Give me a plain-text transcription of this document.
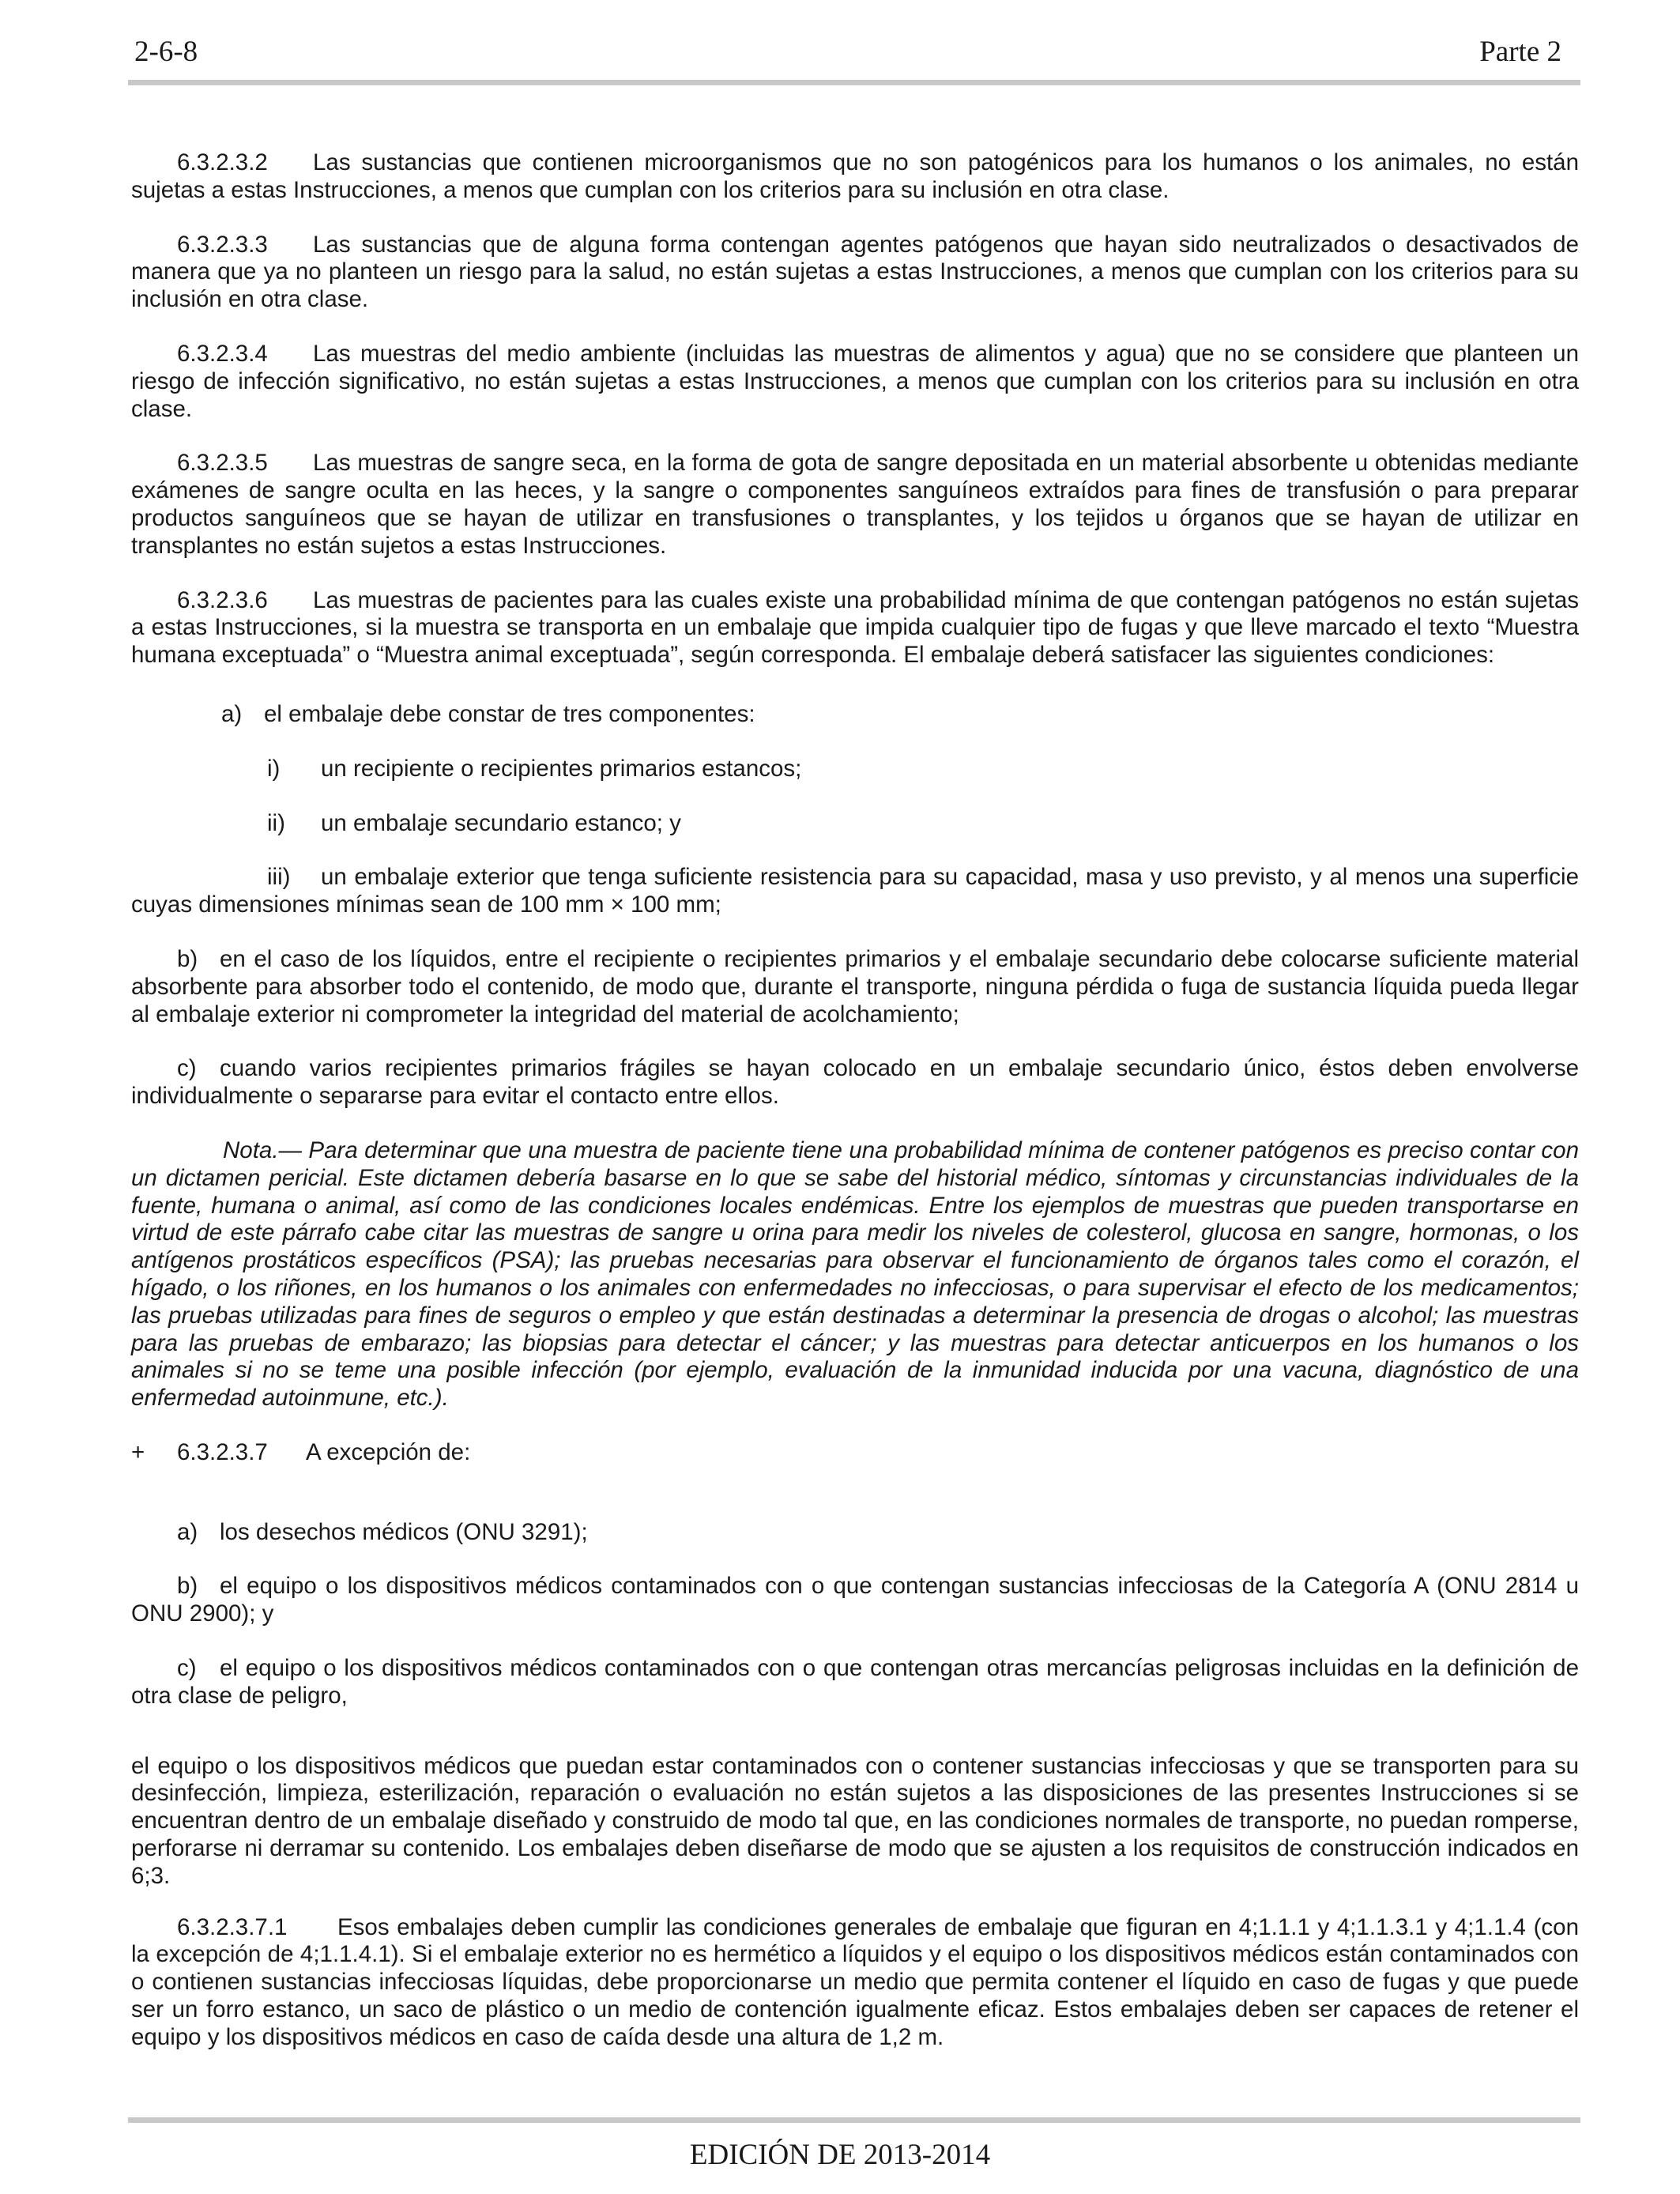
2-6-8	Parte 2

6.3.2.3.2 Las sustancias que contienen microorganismos que no son patogénicos para los humanos o los animales, no están sujetas a estas Instrucciones, a menos que cumplan con los criterios para su inclusión en otra clase.

6.3.2.3.3 Las sustancias que de alguna forma contengan agentes patógenos que hayan sido neutralizados o desactivados de manera que ya no planteen un riesgo para la salud, no están sujetas a estas Instrucciones, a menos que cumplan con los criterios para su inclusión en otra clase.

6.3.2.3.4 Las muestras del medio ambiente (incluidas las muestras de alimentos y agua) que no se considere que planteen un riesgo de infección significativo, no están sujetas a estas Instrucciones, a menos que cumplan con los criterios para su inclusión en otra clase.

6.3.2.3.5 Las muestras de sangre seca, en la forma de gota de sangre depositada en un material absorbente u obtenidas mediante exámenes de sangre oculta en las heces, y la sangre o componentes sanguíneos extraídos para fines de transfusión o para preparar productos sanguíneos que se hayan de utilizar en transfusiones o transplantes, y los tejidos u órganos que se hayan de utilizar en transplantes no están sujetos a estas Instrucciones.

6.3.2.3.6 Las muestras de pacientes para las cuales existe una probabilidad mínima de que contengan patógenos no están sujetas a estas Instrucciones, si la muestra se transporta en un embalaje que impida cualquier tipo de fugas y que lleve marcado el texto “Muestra humana exceptuada” o “Muestra animal exceptuada”, según corresponda. El embalaje deberá satisfacer las siguientes condiciones:

a) el embalaje debe constar de tres componentes:

i) un recipiente o recipientes primarios estancos;

ii) un embalaje secundario estanco; y

iii) un embalaje exterior que tenga suficiente resistencia para su capacidad, masa y uso previsto, y al menos una superficie cuyas dimensiones mínimas sean de 100 mm × 100 mm;

b) en el caso de los líquidos, entre el recipiente o recipientes primarios y el embalaje secundario debe colocarse suficiente material absorbente para absorber todo el contenido, de modo que, durante el transporte, ninguna pérdida o fuga de sustancia líquida pueda llegar al embalaje exterior ni comprometer la integridad del material de acolchamiento;

c) cuando varios recipientes primarios frágiles se hayan colocado en un embalaje secundario único, éstos deben envolverse individualmente o separarse para evitar el contacto entre ellos.

Nota.— Para determinar que una muestra de paciente tiene una probabilidad mínima de contener patógenos es preciso contar con un dictamen pericial. Este dictamen debería basarse en lo que se sabe del historial médico, síntomas y circunstancias individuales de la fuente, humana o animal, así como de las condiciones locales endémicas. Entre los ejemplos de muestras que pueden transportarse en virtud de este párrafo cabe citar las muestras de sangre u orina para medir los niveles de colesterol, glucosa en sangre, hormonas, o los antígenos prostáticos específicos (PSA); las pruebas necesarias para observar el funcionamiento de órganos tales como el corazón, el hígado, o los riñones, en los humanos o los animales con enfermedades no infecciosas, o para supervisar el efecto de los medicamentos; las pruebas utilizadas para fines de seguros o empleo y que están destinadas a determinar la presencia de drogas o alcohol; las muestras para las pruebas de embarazo; las biopsias para detectar el cáncer; y las muestras para detectar anticuerpos en los humanos o los animales si no se teme una posible infección (por ejemplo, evaluación de la inmunidad inducida por una vacuna, diagnóstico de una enfermedad autoinmune, etc.).

+ 6.3.2.3.7 A excepción de:

a) los desechos médicos (ONU 3291);

b) el equipo o los dispositivos médicos contaminados con o que contengan sustancias infecciosas de la Categoría A (ONU 2814 u ONU 2900); y

c) el equipo o los dispositivos médicos contaminados con o que contengan otras mercancías peligrosas incluidas en la definición de otra clase de peligro,

el equipo o los dispositivos médicos que puedan estar contaminados con o contener sustancias infecciosas y que se transporten para su desinfección, limpieza, esterilización, reparación o evaluación no están sujetos a las disposiciones de las presentes Instrucciones si se encuentran dentro de un embalaje diseñado y construido de modo tal que, en las condiciones normales de transporte, no puedan romperse, perforarse ni derramar su contenido. Los embalajes deben diseñarse de modo que se ajusten a los requisitos de construcción indicados en 6;3.

6.3.2.3.7.1 Esos embalajes deben cumplir las condiciones generales de embalaje que figuran en 4;1.1.1 y 4;1.1.3.1 y 4;1.1.4 (con la excepción de 4;1.1.4.1). Si el embalaje exterior no es hermético a líquidos y el equipo o los dispositivos médicos están contaminados con o contienen sustancias infecciosas líquidas, debe proporcionarse un medio que permita contener el líquido en caso de fugas y que puede ser un forro estanco, un saco de plástico o un medio de contención igualmente eficaz. Estos embalajes deben ser capaces de retener el equipo y los dispositivos médicos en caso de caída desde una altura de 1,2 m.

EDICIÓN DE 2013-2014
